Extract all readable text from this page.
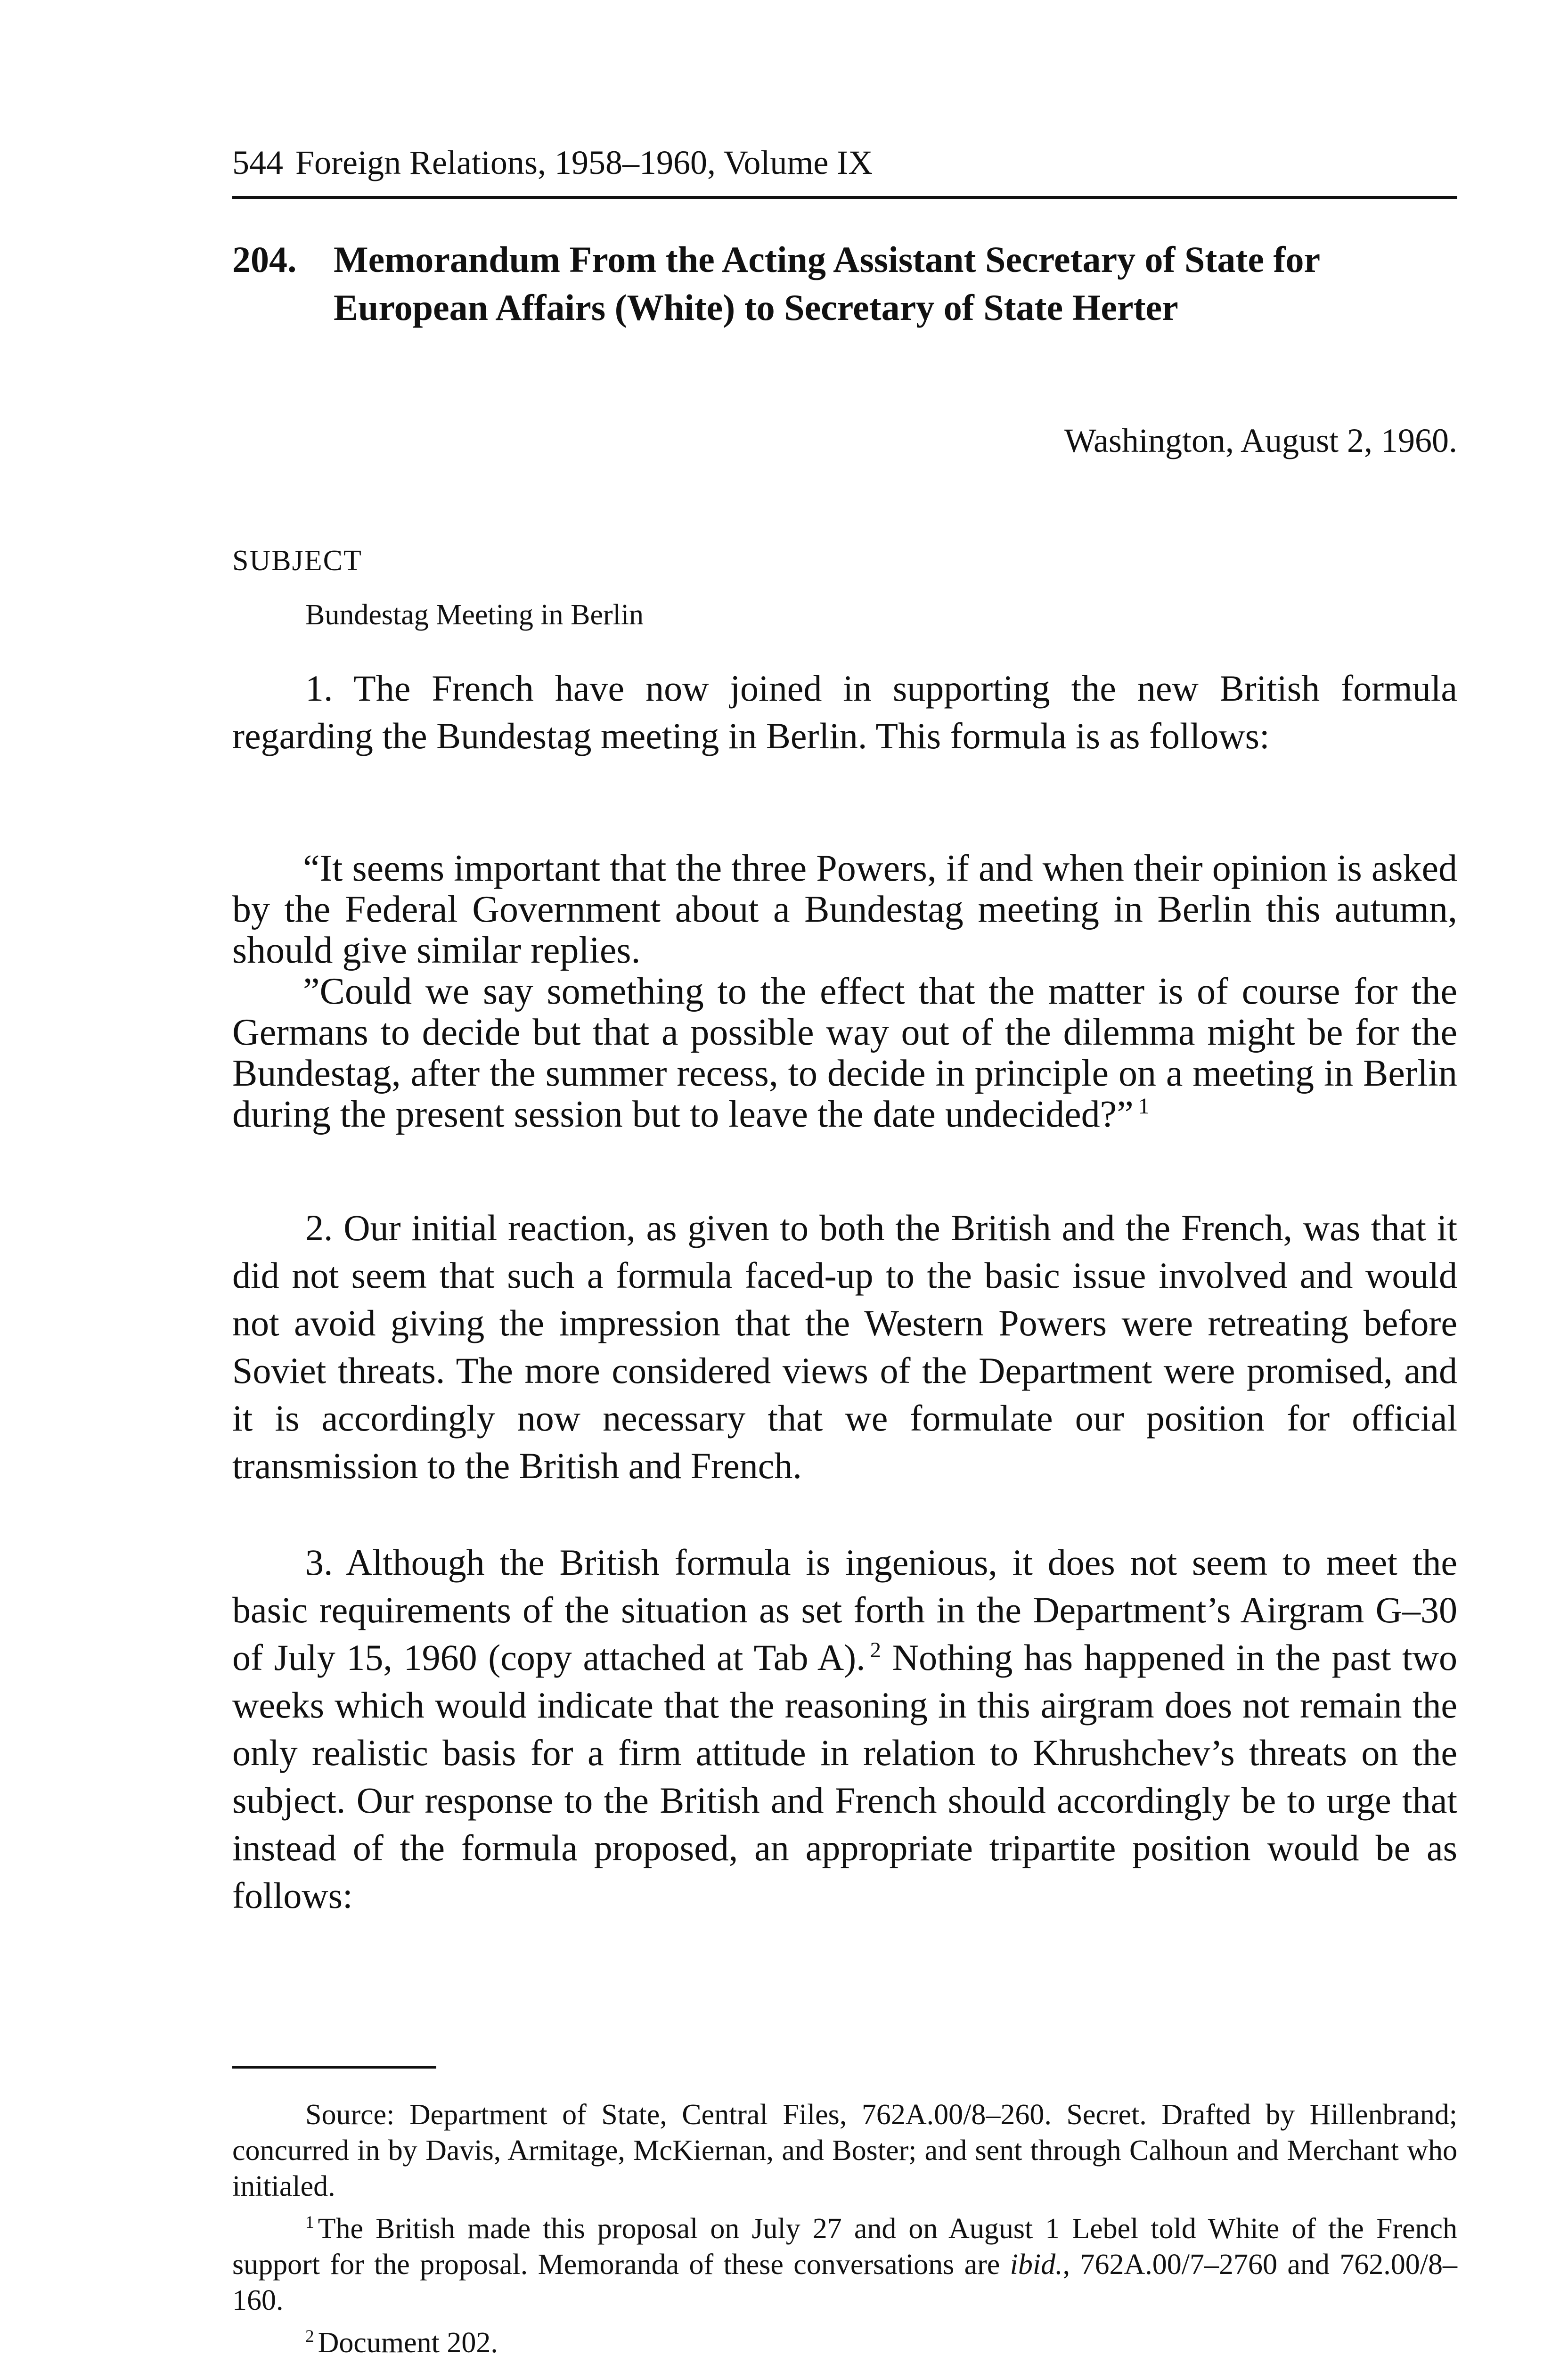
544 Foreign Relations, 1958–1960, Volume IX
204. Memorandum From the Acting Assistant Secretary of State for European Affairs (White) to Secretary of State Herter
Washington, August 2, 1960.
SUBJECT
Bundestag Meeting in Berlin

1. The French have now joined in supporting the new British formula regarding the Bundestag meeting in Berlin. This formula is as follows:

“It seems important that the three Powers, if and when their opinion is asked by the Federal Government about a Bundestag meeting in Berlin this autumn, should give similar replies.

”Could we say something to the effect that the matter is of course for the Germans to decide but that a possible way out of the dilemma might be for the Bundestag, after the summer recess, to decide in principle on a meeting in Berlin during the present session but to leave the date undecided?” $^1$

2. Our initial reaction, as given to both the British and the French, was that it did not seem that such a formula faced-up to the basic issue involved and would not avoid giving the impression that the Western Powers were retreating before Soviet threats. The more considered views of the Department were promised, and it is accordingly now necessary that we formulate our position for official transmission to the British and French.

3. Although the British formula is ingenious, it does not seem to meet the basic requirements of the situation as set forth in the Department’s Airgram G–30 of July 15, 1960 (copy attached at Tab A). $^2$ Nothing has happened in the past two weeks which would indicate that the reasoning in this airgram does not remain the only realistic basis for a firm attitude in relation to Khrushchev’s threats on the subject. Our response to the British and French should accordingly be to urge that instead of the formula proposed, an appropriate tripartite position would be as follows:

Source: Department of State, Central Files, 762A.00/8–260. Secret. Drafted by Hillenbrand; concurred in by Davis, Armitage, McKiernan, and Boster; and sent through Calhoun and Merchant who initialed.

$^1$ The British made this proposal on July 27 and on August 1 Lebel told White of the French support for the proposal. Memoranda of these conversations are ibid., 762A.00/7–2760 and 762.00/8–160.

$^2$ Document 202.
